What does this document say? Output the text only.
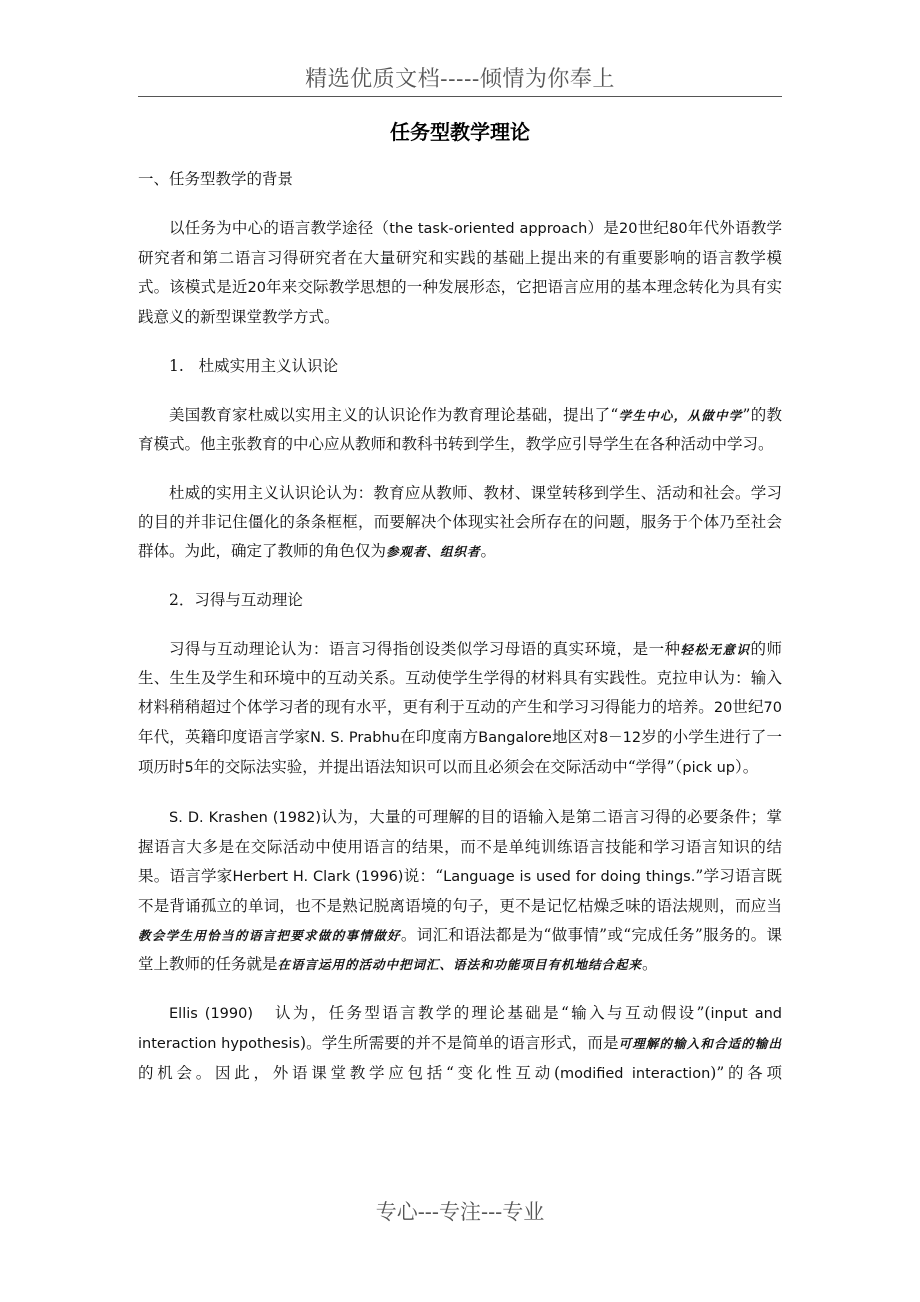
精选优质文档-----倾情为你奉上
任务型教学理论

一、任务型教学的背景

以任务为中心的语言教学途径（the task-oriented approach）是20世纪80年代外语教学研究者和第二语言习得研究者在大量研究和实践的基础上提出来的有重要影响的语言教学模式。该模式是近20年来交际教学思想的一种发展形态，它把语言应用的基本理念转化为具有实践意义的新型课堂教学方式。

1. 杜威实用主义认识论

美国教育家杜威以实用主义的认识论作为教育理论基础，提出了“学生中心，从做中学”的教育模式。他主张教育的中心应从教师和教科书转到学生，教学应引导学生在各种活动中学习。

杜威的实用主义认识论认为：教育应从教师、教材、课堂转移到学生、活动和社会。学习的目的并非记住僵化的条条框框，而要解决个体现实社会所存在的问题，服务于个体乃至社会群体。为此，确定了教师的角色仅为参观者、组织者。

2．习得与互动理论

习得与互动理论认为：语言习得指创设类似学习母语的真实环境，是一种轻松无意识的师生、生生及学生和环境中的互动关系。互动使学生学得的材料具有实践性。克拉申认为：输入材料稍稍超过个体学习者的现有水平，更有利于互动的产生和学习习得能力的培养。20世纪70年代，英籍印度语言学家N. S. Prabhu在印度南方Bangalore地区对8－12岁的小学生进行了一项历时5年的交际法实验，并提出语法知识可以而且必须会在交际活动中“学得”（pick up）。

S. D. Krashen (1982)认为，大量的可理解的目的语输入是第二语言习得的必要条件；掌握语言大多是在交际活动中使用语言的结果，而不是单纯训练语言技能和学习语言知识的结果。语言学家Herbert H. Clark (1996)说：“Language is used for doing things.”学习语言既不是背诵孤立的单词，也不是熟记脱离语境的句子，更不是记忆枯燥乏味的语法规则，而应当教会学生用恰当的语言把要求做的事情做好。词汇和语法都是为“做事情”或“完成任务”服务的。课堂上教师的任务就是在语言运用的活动中把词汇、语法和功能项目有机地结合起来。

Ellis (1990) 认为，任务型语言教学的理论基础是“输入与互动假设”(input and interaction hypothesis)。学生所需要的并不是简单的语言形式，而是可理解的输入和合适的输出的机会。因此，外语课堂教学应包括“变化性互动(modified interaction)”的各项

专心---专注---专业
